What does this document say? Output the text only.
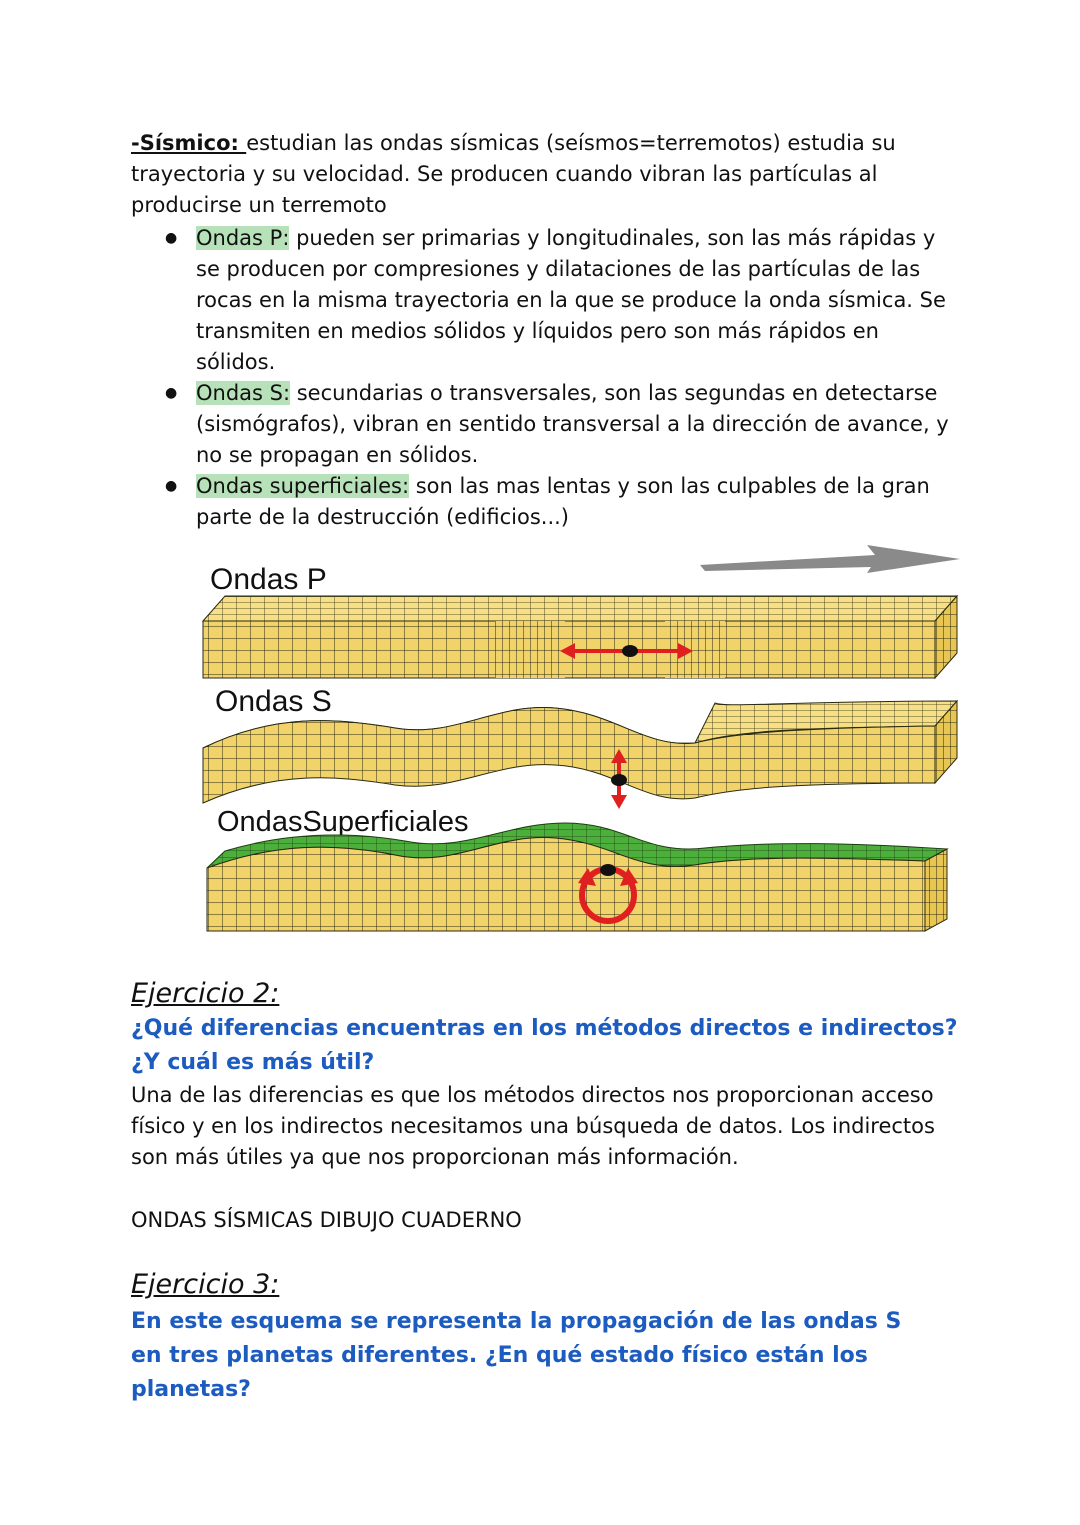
-Sísmico: estudian las ondas sísmicas (seísmos=terremotos) estudia su trayectoria y su velocidad. Se producen cuando vibran las partículas al producirse un terremoto

● Ondas P: pueden ser primarias y longitudinales, son las más rápidas y se producen por compresiones y dilataciones de las partículas de las rocas en la misma trayectoria en la que se produce la onda sísmica. Se transmiten en medios sólidos y líquidos pero son más rápidos en sólidos.
● Ondas S: secundarias o transversales, son las segundas en detectarse (sismógrafos), vibran en sentido transversal a la dirección de avance, y no se propagan en sólidos.
● Ondas superficiales: son las mas lentas y son las culpables de la gran parte de la destrucción (edificios...)
Ondas P
Ondas S
OndasSuperficiales

Ejercicio 2:

¿Qué diferencias encuentras en los métodos directos e indirectos? ¿Y cuál es más útil?

Una de las diferencias es que los métodos directos nos proporcionan acceso físico y en los indirectos necesitamos una búsqueda de datos. Los indirectos son más útiles ya que nos proporcionan más información.

ONDAS SÍSMICAS DIBUJO CUADERNO

Ejercicio 3:

En este esquema se representa la propagación de las ondas S en tres planetas diferentes. ¿En qué estado físico están los planetas?
